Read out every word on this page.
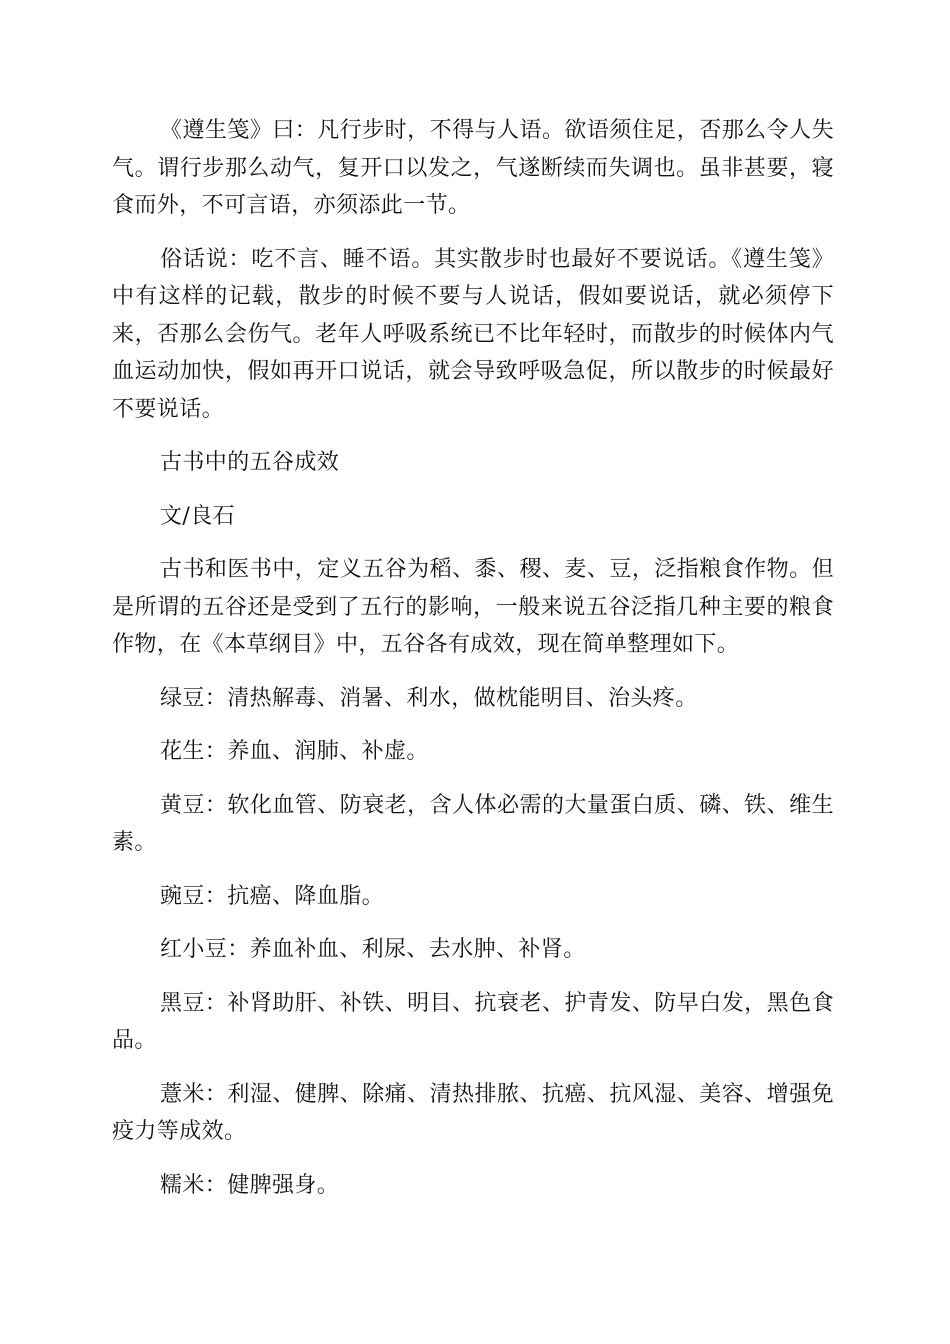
《遵生笺》曰：凡行步时，不得与人语。欲语须住足，否那么令人失气。谓行步那么动气，复开口以发之，气遂断续而失调也。虽非甚要，寝食而外，不可言语，亦须添此一节。

俗话说：吃不言、睡不语。其实散步时也最好不要说话。《遵生笺》中有这样的记载，散步的时候不要与人说话，假如要说话，就必须停下来，否那么会伤气。老年人呼吸系统已不比年轻时，而散步的时候体内气血运动加快，假如再开口说话，就会导致呼吸急促，所以散步的时候最好不要说话。

古书中的五谷成效

文/良石

古书和医书中，定义五谷为稻、黍、稷、麦、豆，泛指粮食作物。但是所谓的五谷还是受到了五行的影响，一般来说五谷泛指几种主要的粮食作物，在《本草纲目》中，五谷各有成效，现在简单整理如下。

绿豆：清热解毒、消暑、利水，做枕能明目、治头疼。

花生：养血、润肺、补虚。

黄豆：软化血管、防衰老，含人体必需的大量蛋白质、磷、铁、维生素。

豌豆：抗癌、降血脂。

红小豆：养血补血、利尿、去水肿、补肾。

黑豆：补肾助肝、补铁、明目、抗衰老、护青发、防早白发，黑色食品。

薏米：利湿、健脾、除痛、清热排脓、抗癌、抗风湿、美容、增强免疫力等成效。

糯米：健脾强身。
